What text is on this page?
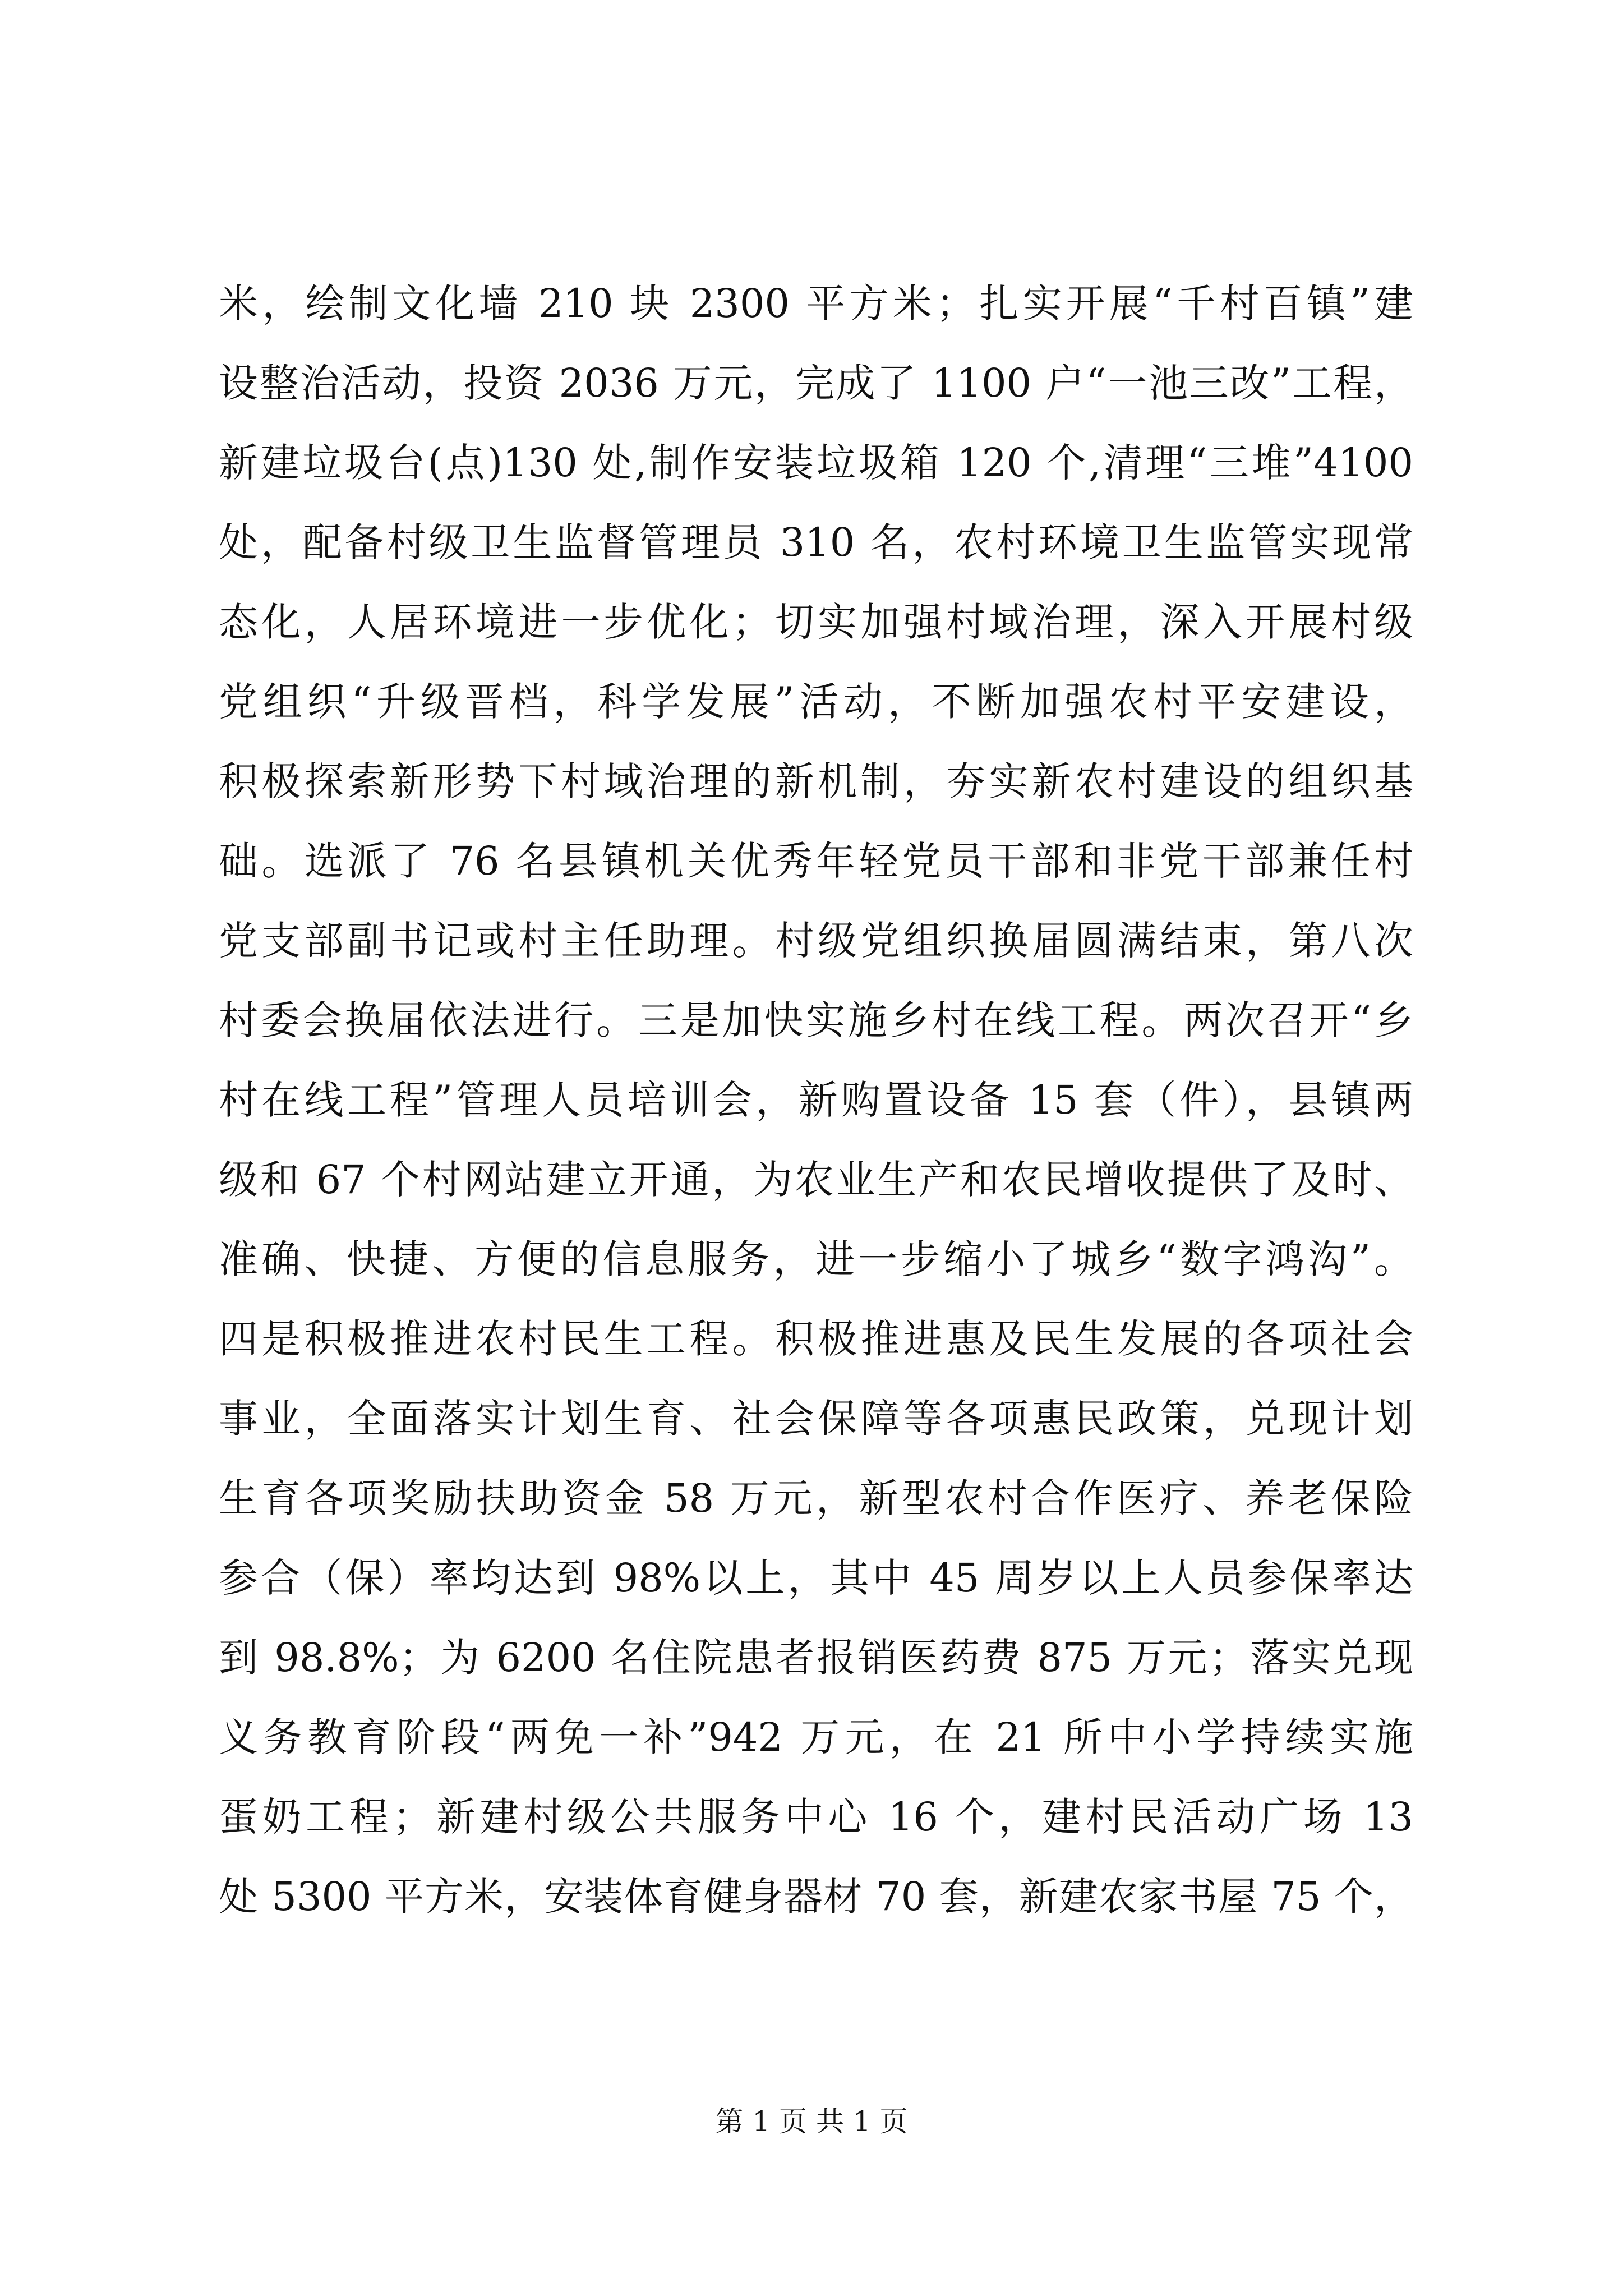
米，绘制文化墙 210 块 2300 平方米；扎实开展“千村百镇”建
设整治活动，投资 2036 万元，完成了 1100 户“一池三改”工程，
新建垃圾台(点)130 处,制作安装垃圾箱 120 个,清理“三堆”4100
处，配备村级卫生监督管理员 310 名，农村环境卫生监管实现常
态化，人居环境进一步优化；切实加强村域治理，深入开展村级
党组织“升级晋档，科学发展”活动，不断加强农村平安建设，
积极探索新形势下村域治理的新机制，夯实新农村建设的组织基
础。选派了 76 名县镇机关优秀年轻党员干部和非党干部兼任村
党支部副书记或村主任助理。村级党组织换届圆满结束，第八次
村委会换届依法进行。三是加快实施乡村在线工程。两次召开“乡
村在线工程”管理人员培训会，新购置设备 15 套（件），县镇两
级和 67 个村网站建立开通，为农业生产和农民增收提供了及时、
准确、快捷、方便的信息服务，进一步缩小了城乡“数字鸿沟”。
四是积极推进农村民生工程。积极推进惠及民生发展的各项社会
事业，全面落实计划生育、社会保障等各项惠民政策，兑现计划
生育各项奖励扶助资金 58 万元，新型农村合作医疗、养老保险
参合（保）率均达到 98%以上，其中 45 周岁以上人员参保率达
到 98.8%；为 6200 名住院患者报销医药费 875 万元；落实兑现
义务教育阶段“两免一补”942 万元，在 21 所中小学持续实施
蛋奶工程；新建村级公共服务中心 16 个，建村民活动广场 13
处 5300 平方米，安装体育健身器材 70 套，新建农家书屋 75 个，
第 1 页 共 1 页
